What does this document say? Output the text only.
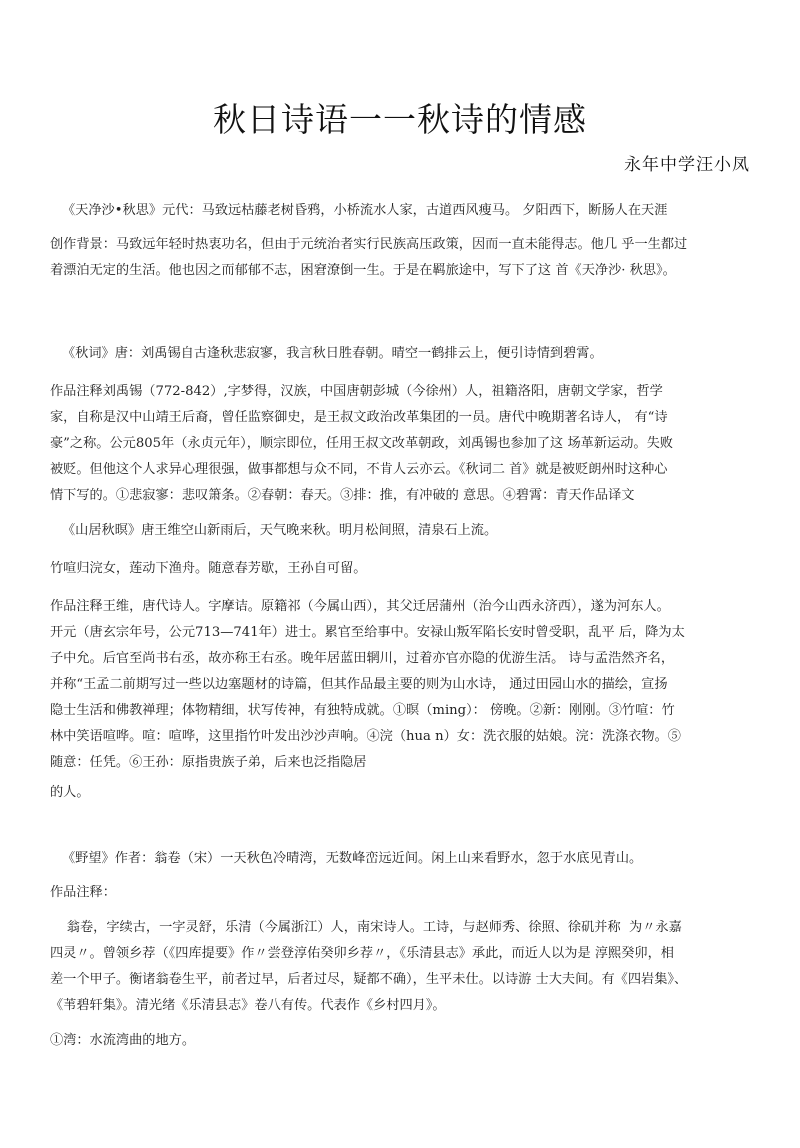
秋日诗语一一秋诗的情感
永年中学汪小凤
《天净沙•秋思》元代：马致远枯藤老树昏鸦，小桥流水人家，古道西风瘦马。 夕阳西下，断肠人在天涯
创作背景：马致远年轻时热衷功名，但由于元统治者实行民族高压政策，因而一直未能得志。他几 乎一生都过
着漂泊无定的生活。他也因之而郁郁不志，困窘潦倒一生。于是在羁旅途中，写下了这 首《天净沙· 秋思》。
《秋词》唐：刘禹锡自古逢秋悲寂寥，我言秋日胜春朝。晴空一鹤排云上，便引诗情到碧霄。
作品注释刘禹锡（772-842）,字梦得，汉族，中国唐朝彭城（今徐州）人，祖籍洛阳，唐朝文学家，哲学
家，自称是汉中山靖王后裔，曾任监察御史，是王叔文政治改革集团的一员。唐代中晚期著名诗人， 有“诗
豪”之称。公元805年（永贞元年），顺宗即位，任用王叔文改革朝政，刘禹锡也参加了这 场革新运动。失败
被贬。但他这个人求异心理很强，做事都想与众不同，不肯人云亦云。《秋词二 首》就是被贬朗州时这种心
情下写的。①悲寂寥：悲叹箫条。②春朝：春天。③排：推，有冲破的 意思。④碧霄：青天作品译文
《山居秋暝》唐王维空山新雨后，天气晚来秋。明月松间照，清泉石上流。
竹喧归浣女，莲动下渔舟。随意春芳歇，王孙自可留。
作品注释王维，唐代诗人。字摩诘。原籍祁（今属山西），其父迁居蒲州（治今山西永济西），遂为河东人。
开元（唐玄宗年号，公元713—741年）进士。累官至给事中。安禄山叛军陷长安时曾受职，乱平 后，降为太
子中允。后官至尚书右丞，故亦称王右丞。晚年居蓝田辋川，过着亦官亦隐的优游生活。 诗与孟浩然齐名，
并称“王孟二前期写过一些以边塞题材的诗篇，但其作品最主要的则为山水诗， 通过田园山水的描绘，宣扬
隐士生活和佛教禅理；体物精细，状写传神，有独特成就。①暝（ming）： 傍晚。②新：刚刚。③竹喧：竹
林中笑语喧哗。喧：喧哗，这里指竹叶发出沙沙声响。④浣（hua n）女：洗衣服的姑娘。浣：洗涤衣物。⑤
随意：任凭。⑥王孙：原指贵族子弟，后来也泛指隐居
的人。
《野望》作者：翁卷（宋）一天秋色冷晴湾，无数峰峦远近间。闲上山来看野水，忽于水底见青山。
作品注释：
翁卷，字续古，一字灵舒，乐清（今属浙江）人，南宋诗人。工诗，与赵师秀、徐照、徐矶并称  为〃永嘉
四灵〃。曾领乡荐（《四库提要》作〃尝登淳佑癸卯乡荐〃，《乐清县志》承此，而近人以为是 淳熙癸卯，相
差一个甲子。衡诸翁卷生平，前者过早，后者过尽，疑都不确），生平未仕。以诗游 士大夫间。有《四岩集》、
《苇碧轩集》。清光绪《乐清县志》卷八有传。代表作《乡村四月》。
①湾：水流湾曲的地方。
